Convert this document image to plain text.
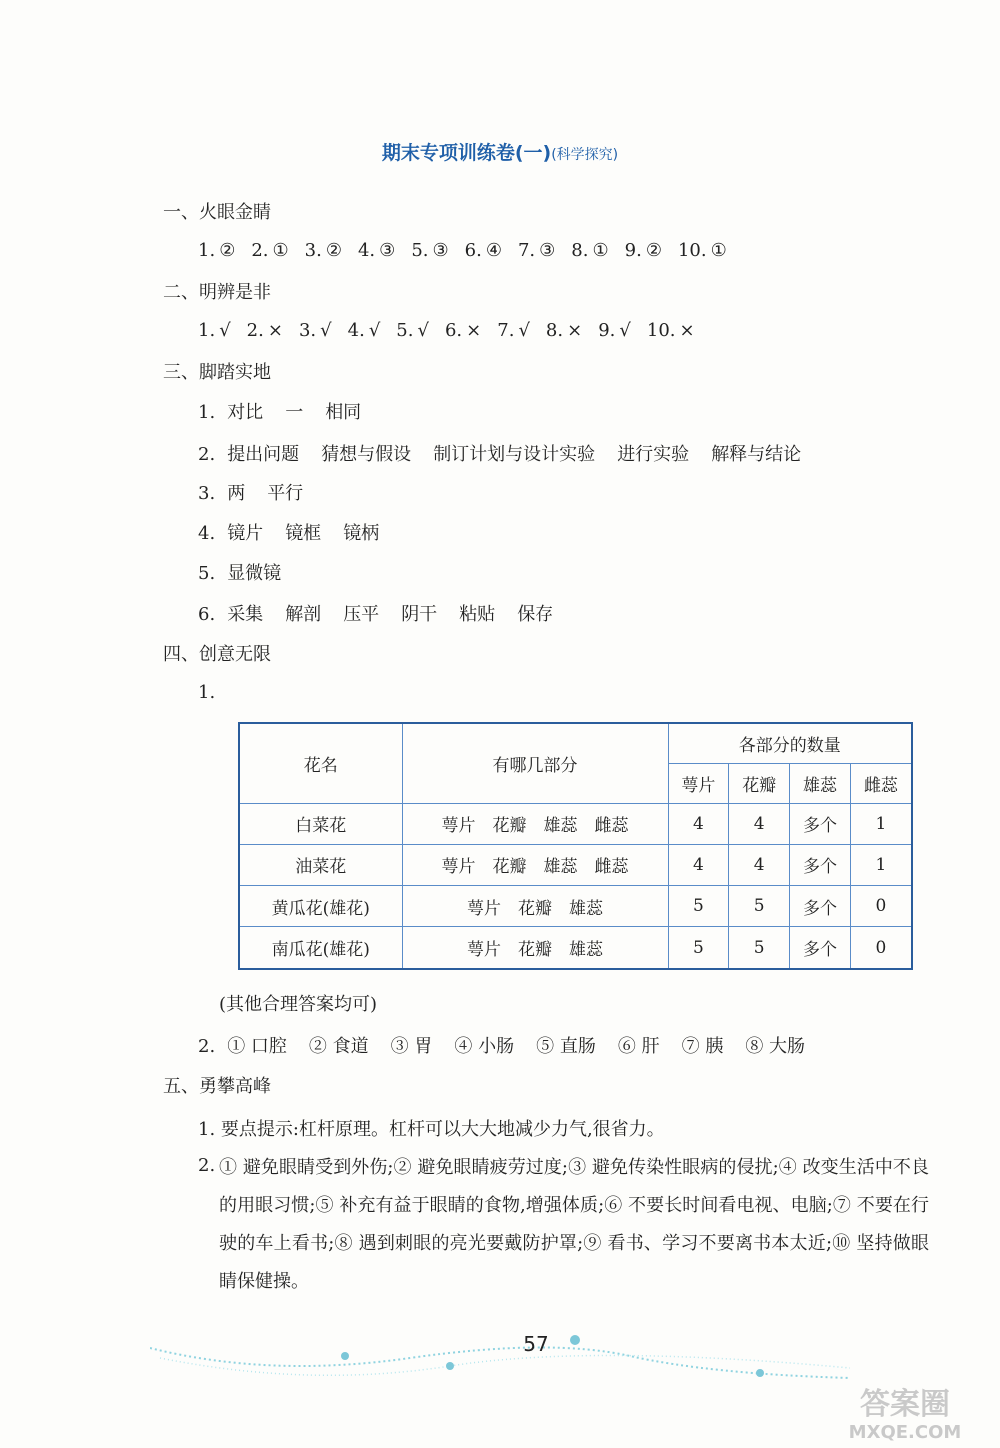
期末专项训练卷(一)(科学探究)
一、火眼金睛
1. ② 2. ① 3. ② 4. ③ 5. ③ 6. ④ 7. ③ 8. ① 9. ② 10. ①
二、明辨是非
1. √ 2. × 3. √ 4. √ 5. √ 6. × 7. √ 8. × 9. √ 10. ×
三、脚踏实地
1. 对比 一 相同
2. 提出问题 猜想与假设 制订计划与设计实验 进行实验 解释与结论
3. 两 平行
4. 镜片 镜框 镜柄
5. 显微镜
6. 采集 解剖 压平 阴干 粘贴 保存
四、创意无限
1.
花名	有哪几部分	各部分的数量			
		萼片	花瓣	雄蕊	雌蕊
白菜花	萼片　花瓣　雄蕊　雌蕊	4	4	多个	1
油菜花	萼片　花瓣　雄蕊　雌蕊	4	4	多个	1
黄瓜花(雄花)	萼片　花瓣　雄蕊	5	5	多个	0
南瓜花(雄花)	萼片　花瓣　雄蕊	5	5	多个	0
(其他合理答案均可)
2. ① 口腔 ② 食道 ③ 胃 ④ 小肠 ⑤ 直肠 ⑥ 肝 ⑦ 胰 ⑧ 大肠
五、勇攀高峰
1. 要点提示:杠杆原理。杠杆可以大大地减少力气,很省力。
2. ① 避免眼睛受到外伤;② 避免眼睛疲劳过度;③ 避免传染性眼病的侵扰;④ 改变生活中不良的用眼习惯;⑤ 补充有益于眼睛的食物,增强体质;⑥ 不要长时间看电视、电脑;⑦ 不要在行驶的车上看书;⑧ 遇到刺眼的亮光要戴防护罩;⑨ 看书、学习不要离书本太近;⑩ 坚持做眼睛保健操。
57
答案圈
MXQE.COM
